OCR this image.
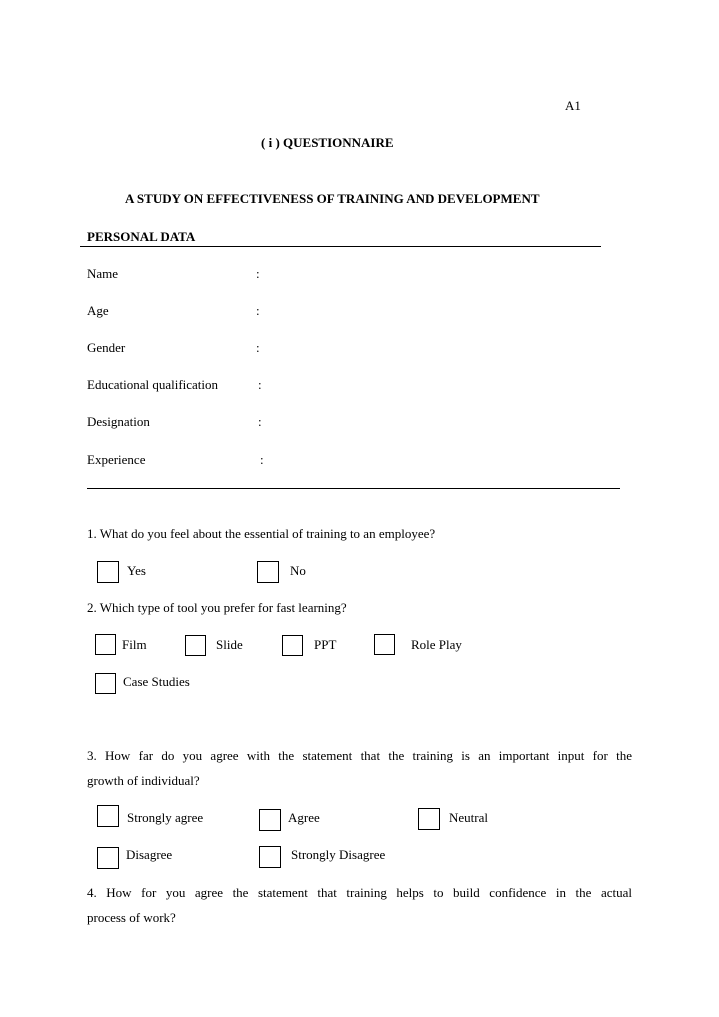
A1
( i ) QUESTIONNAIRE
A STUDY ON EFFECTIVENESS OF TRAINING AND DEVELOPMENT
PERSONAL DATA
Name	:
Age	:
Gender	:
Educational qualification	:
Designation	:
Experience	:
1. What do you feel about the essential of training to an employee?
Yes	No
2. Which type of tool you prefer for fast learning?
Film	Slide	PPT	Role Play
Case Studies
3. How far do you agree with the statement that the training is an important input for the
growth of individual?
Strongly agree	Agree	Neutral
Disagree	Strongly Disagree
4. How for you agree the statement that training helps to build confidence in the actual
process of work?
